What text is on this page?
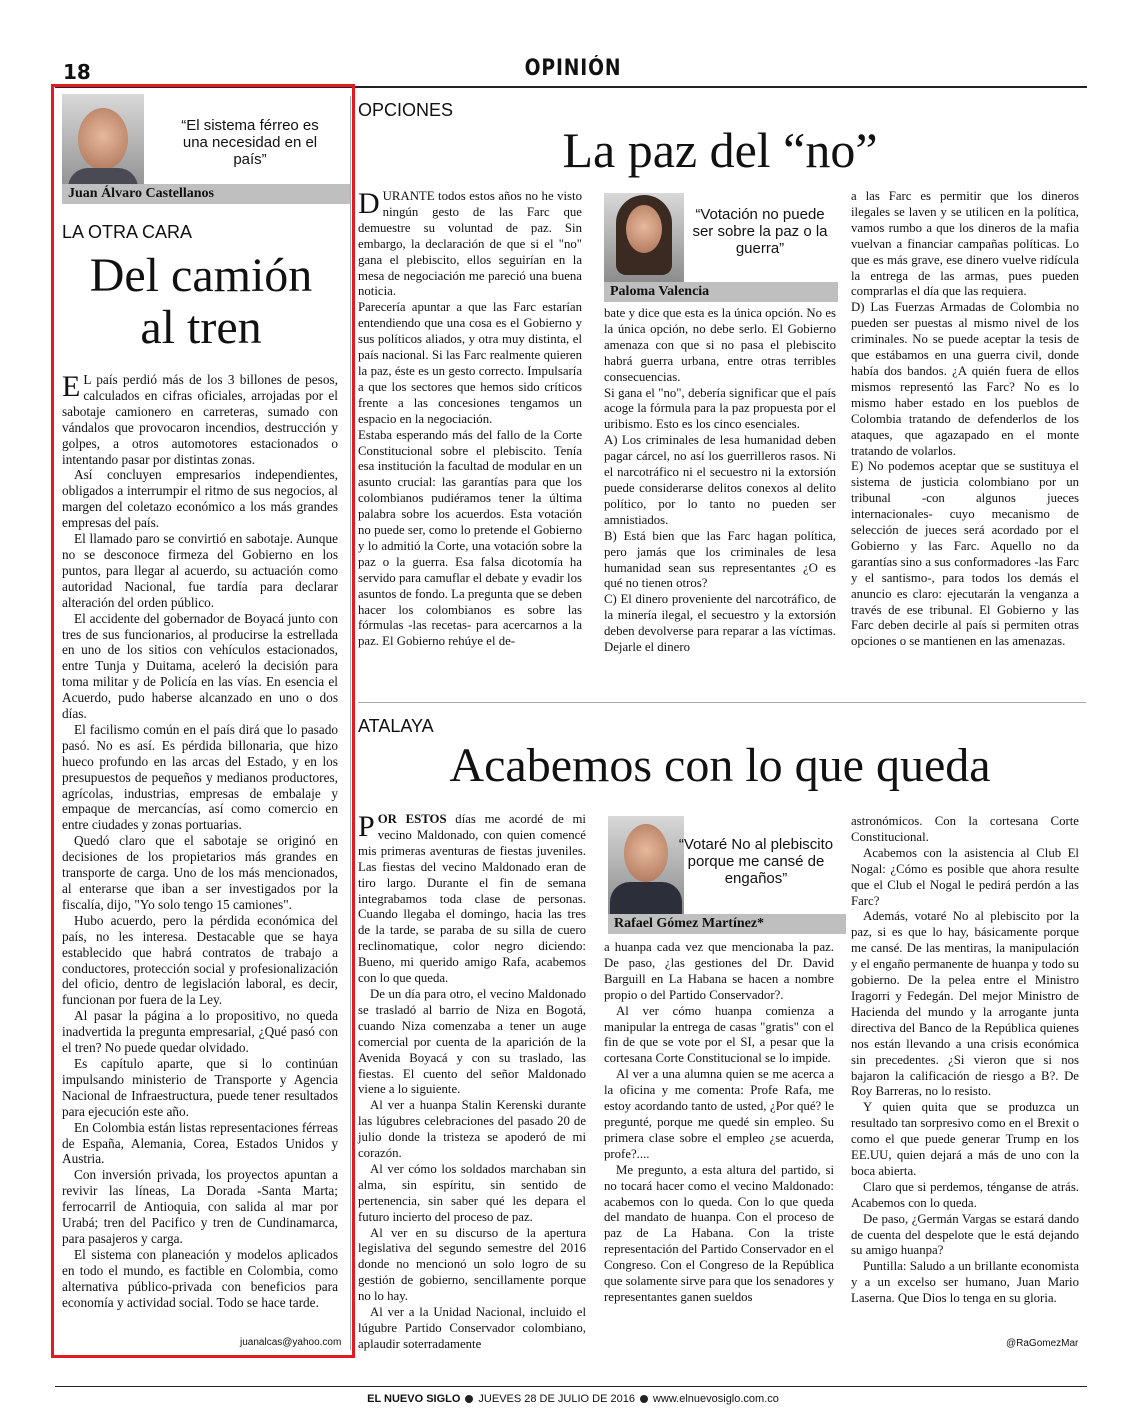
18	OPINIÓN
“El sistema férreo es una necesidad en el país”
Juan Álvaro Castellanos
LA OTRA CARA
Del camión
al tren

E L país perdió más de los 3 billones de pesos, calculados en cifras oficiales, arrojadas por el sabotaje camionero en carreteras, sumado con vándalos que provocaron incendios, destrucción y golpes, a otros automotores estacionados o intentando pasar por distintas zonas.

Así concluyen empresarios independientes, obligados a interrumpir el ritmo de sus negocios, al margen del coletazo económico a los más grandes empresas del país.

El llamado paro se convirtió en sabotaje. Aunque no se desconoce firmeza del Gobierno en los puntos, para llegar al acuerdo, su actuación como autoridad Nacional, fue tardía para declarar alteración del orden público.

El accidente del gobernador de Boyacá junto con tres de sus funcionarios, al producirse la estrellada en uno de los sitios con vehículos estacionados, entre Tunja y Duitama, aceleró la decisión para toma militar y de Policía en las vías. En esencia el Acuerdo, pudo haberse alcanzado en uno o dos días.

El facilismo común en el país dirá que lo pasado pasó. No es así. Es pérdida billonaria, que hizo hueco profundo en las arcas del Estado, y en los presupuestos de pequeños y medianos productores, agrícolas, industrias, empresas de embalaje y empaque de mercancías, así como comercio en entre ciudades y zonas portuarias.

Quedó claro que el sabotaje se originó en decisiones de los propietarios más grandes en transporte de carga. Uno de los más mencionados, al enterarse que iban a ser investigados por la fiscalía, dijo, "Yo solo tengo 15 camiones".

Hubo acuerdo, pero la pérdida económica del país, no les interesa. Destacable que se haya establecido que habrá contratos de trabajo a conductores, protección social y profesionalización del oficio, dentro de legislación laboral, es decir, funcionan por fuera de la Ley.

Al pasar la página a lo propositivo, no queda inadvertida la pregunta empresarial, ¿Qué pasó con el tren? No puede quedar olvidado.

Es capítulo aparte, que si lo continúan impulsando ministerio de Transporte y Agencia Nacional de Infraestructura, puede tener resultados para ejecución este año.

En Colombia están listas representaciones férreas de España, Alemania, Corea, Estados Unidos y Austria.

Con inversión privada, los proyectos apuntan a revivir las líneas, La Dorada -Santa Marta; ferrocarril de Antioquia, con salida al mar por Urabá; tren del Pacifico y tren de Cundinamarca, para pasajeros y carga.

El sistema con planeación y modelos aplicados en todo el mundo, es factible en Colombia, como alternativa público-privada con beneficios para economía y actividad social. Todo se hace tarde.

juanalcas@yahoo.com
OPCIONES
La paz del “no”

DURANTE todos estos años no he visto ningún gesto de las Farc que demuestre su voluntad de paz. Sin embargo, la declaración de que si el "no" gana el plebiscito, ellos seguirían en la mesa de negociación me pareció una buena noticia.

Parecería apuntar a que las Farc estarían entendiendo que una cosa es el Gobierno y sus políticos aliados, y otra muy distinta, el país nacional. Si las Farc realmente quieren la paz, éste es un gesto correcto. Impulsaría a que los sectores que hemos sido críticos frente a las concesiones tengamos un espacio en la negociación.

Estaba esperando más del fallo de la Corte Constitucional sobre el plebiscito. Tenía esa institución la facultad de modular en un asunto crucial: las garantías para que los colombianos pudiéramos tener la última palabra sobre los acuerdos. Esta votación no puede ser, como lo pretende el Gobierno y lo admitió la Corte, una votación sobre la paz o la guerra. Esa falsa dicotomía ha servido para camuflar el debate y evadir los asuntos de fondo. La pregunta que se deben hacer los colombianos es sobre las fórmulas -las recetas- para acercarnos a la paz. El Gobierno rehúye el de-

“Votación no puede ser sobre la paz o la guerra”
Paloma Valencia

bate y dice que esta es la única opción. No es la única opción, no debe serlo. El Gobierno amenaza con que si no pasa el plebiscito habrá guerra urbana, entre otras terribles consecuencias.

Si gana el "no", debería significar que el país acoge la fórmula para la paz propuesta por el uribismo. Esto es los cinco esenciales.

A) Los criminales de lesa humanidad deben pagar cárcel, no así los guerrilleros rasos. Ni el narcotráfico ni el secuestro ni la extorsión puede considerarse delitos conexos al delito político, por lo tanto no pueden ser amnistiados.

B) Está bien que las Farc hagan política, pero jamás que los criminales de lesa humanidad sean sus representantes ¿O es qué no tienen otros?

C) El dinero proveniente del narcotráfico, de la minería ilegal, el secuestro y la extorsión deben devolverse para reparar a las víctimas. Dejarle el dinero

a las Farc es permitir que los dineros ilegales se laven y se utilicen en la política, vamos rumbo a que los dineros de la mafia vuelvan a financiar campañas políticas. Lo que es más grave, ese dinero vuelve ridícula la entrega de las armas, pues pueden comprarlas el día que las requiera.

D) Las Fuerzas Armadas de Colombia no pueden ser puestas al mismo nivel de los criminales. No se puede aceptar la tesis de que estábamos en una guerra civil, donde había dos bandos. ¿A quién fuera de ellos mismos representó las Farc? No es lo mismo haber estado en los pueblos de Colombia tratando de defenderlos de los ataques, que agazapado en el monte tratando de volarlos.

E) No podemos aceptar que se sustituya el sistema de justicia colombiano por un tribunal -con algunos jueces internacionales- cuyo mecanismo de selección de jueces será acordado por el Gobierno y las Farc. Aquello no da garantías sino a sus conformadores -las Farc y el santismo-, para todos los demás el anuncio es claro: ejecutarán la venganza a través de ese tribunal. El Gobierno y las Farc deben decirle al país si permiten otras opciones o se mantienen en las amenazas.

ATALAYA
Acabemos con lo que queda

POR ESTOS días me acordé de mi vecino Maldonado, con quien comencé mis primeras aventuras de fiestas juveniles. Las fiestas del vecino Maldonado eran de tiro largo. Durante el fin de semana integrabamos toda clase de personas. Cuando llegaba el domingo, hacia las tres de la tarde, se paraba de su silla de cuero reclinomatique, color negro diciendo: Bueno, mi querido amigo Rafa, acabemos con lo que queda.

De un día para otro, el vecino Maldonado se trasladó al barrio de Niza en Bogotá, cuando Niza comenzaba a tener un auge comercial por cuenta de la aparición de la Avenida Boyacá y con su traslado, las fiestas. El cuento del señor Maldonado viene a lo siguiente.

Al ver a huanpa Stalin Kerenski durante las lúgubres celebraciones del pasado 20 de julio donde la tristeza se apoderó de mi corazón.

Al ver cómo los soldados marchaban sin alma, sin espíritu, sin sentido de pertenencia, sin saber qué les depara el futuro incierto del proceso de paz.

Al ver en su discurso de la apertura legislativa del segundo semestre del 2016 donde no mencionó un solo logro de su gestión de gobierno, sencillamente porque no lo hay.

Al ver a la Unidad Nacional, incluido el lúgubre Partido Conservador colombiano, aplaudir soterradamente

“Votaré No al plebiscito porque me cansé de engaños”
Rafael Gómez Martínez*

a huanpa cada vez que mencionaba la paz. De paso, ¿las gestiones del Dr. David Barguill en La Habana se hacen a nombre propio o del Partido Conservador?.

Al ver cómo huanpa comienza a manipular la entrega de casas "gratis" con el fin de que se vote por el SI, a pesar que la cortesana Corte Constitucional se lo impide.

Al ver a una alumna quien se me acerca a la oficina y me comenta: Profe Rafa, me estoy acordando tanto de usted, ¿Por qué? le pregunté, porque me quedé sin empleo. Su primera clase sobre el empleo ¿se acuerda, profe?....

Me pregunto, a esta altura del partido, si no tocará hacer como el vecino Maldonado: acabemos con lo queda. Con lo que queda del mandato de huanpa. Con el proceso de paz de La Habana. Con la triste representación del Partido Conservador en el Congreso. Con el Congreso de la República que solamente sirve para que los senadores y representantes ganen sueldos

astronómicos. Con la cortesana Corte Constitucional.

Acabemos con la asistencia al Club El Nogal: ¿Cómo es posible que ahora resulte que el Club el Nogal le pedirá perdón a las Farc?

Además, votaré No al plebiscito por la paz, si es que lo hay, básicamente porque me cansé. De las mentiras, la manipulación y el engaño permanente de huanpa y todo su gobierno. De la pelea entre el Ministro Iragorri y Fedegán. Del mejor Ministro de Hacienda del mundo y la arrogante junta directiva del Banco de la República quienes nos están llevando a una crisis económica sin precedentes. ¿Si vieron que si nos bajaron la calificación de riesgo a B?. De Roy Barreras, no lo resisto.

Y quien quita que se produzca un resultado tan sorpresivo como en el Brexit o como el que puede generar Trump en los EE.UU, quien dejará a más de uno con la boca abierta.

Claro que si perdemos, ténganse de atrás. Acabemos con lo queda.

De paso, ¿Germán Vargas se estará dando de cuenta del despelote que le está dejando su amigo huanpa?

Puntilla: Saludo a un brillante economista y a un excelso ser humano, Juan Mario Laserna. Que Dios lo tenga en su gloria.

@RaGomezMar
EL NUEVO SIGLO JUEVES 28 DE JULIO DE 2016 www.elnuevosiglo.com.co
